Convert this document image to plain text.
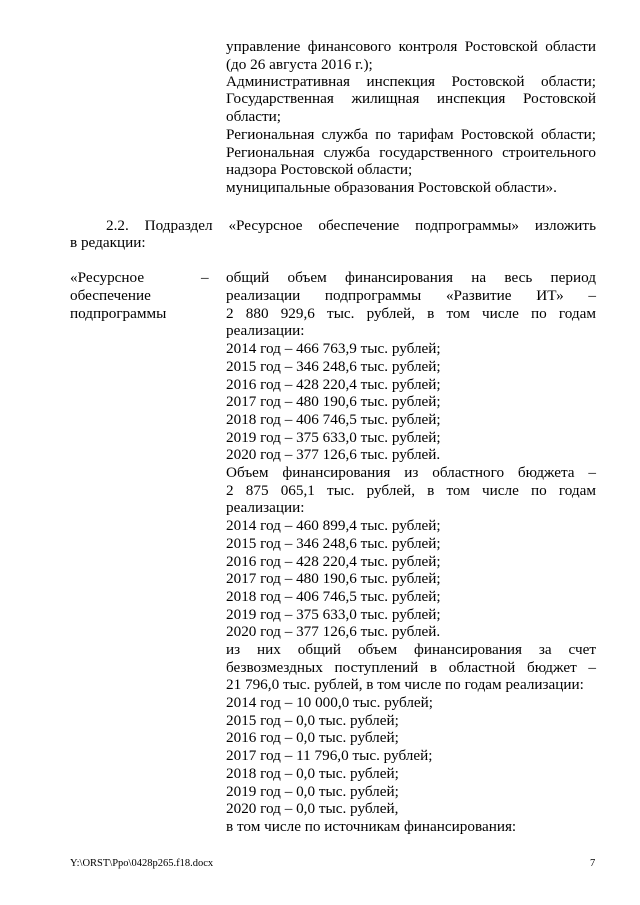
управление финансового контроля Ростовской области
(до 26 августа 2016 г.);
Административная инспекция Ростовской области;
Государственная жилищная инспекция Ростовской
области;
Региональная служба по тарифам Ростовской области;
Региональная служба государственного строительного
надзора Ростовской области;
муниципальные образования Ростовской области».
2.2. Подраздел «Ресурсное обеспечение подпрограммы» изложить
в редакции:
«Ресурсное	–
обеспечение
подпрограммы
общий объем финансирования на весь период
реализации подпрограммы «Развитие ИТ» –
2 880 929,6 тыс. рублей, в том числе по годам
реализации:
2014 год – 466 763,9 тыс. рублей;
2015 год – 346 248,6 тыс. рублей;
2016 год – 428 220,4 тыс. рублей;
2017 год – 480 190,6 тыс. рублей;
2018 год – 406 746,5 тыс. рублей;
2019 год – 375 633,0 тыс. рублей;
2020 год – 377 126,6 тыс. рублей.
Объем финансирования из областного бюджета –
2 875 065,1 тыс. рублей, в том числе по годам
реализации:
2014 год – 460 899,4 тыс. рублей;
2015 год – 346 248,6 тыс. рублей;
2016 год – 428 220,4 тыс. рублей;
2017 год – 480 190,6 тыс. рублей;
2018 год – 406 746,5 тыс. рублей;
2019 год – 375 633,0 тыс. рублей;
2020 год – 377 126,6 тыс. рублей.
из них общий объем финансирования за счет
безвозмездных поступлений в областной бюджет –
21 796,0 тыс. рублей, в том числе по годам реализации:
2014 год – 10 000,0 тыс. рублей;
2015 год – 0,0 тыс. рублей;
2016 год – 0,0 тыс. рублей;
2017 год – 11 796,0 тыс. рублей;
2018 год – 0,0 тыс. рублей;
2019 год – 0,0 тыс. рублей;
2020 год – 0,0 тыс. рублей,
в том числе по источникам финансирования:
Y:\ORST\Ppo\0428p265.f18.docx	7
